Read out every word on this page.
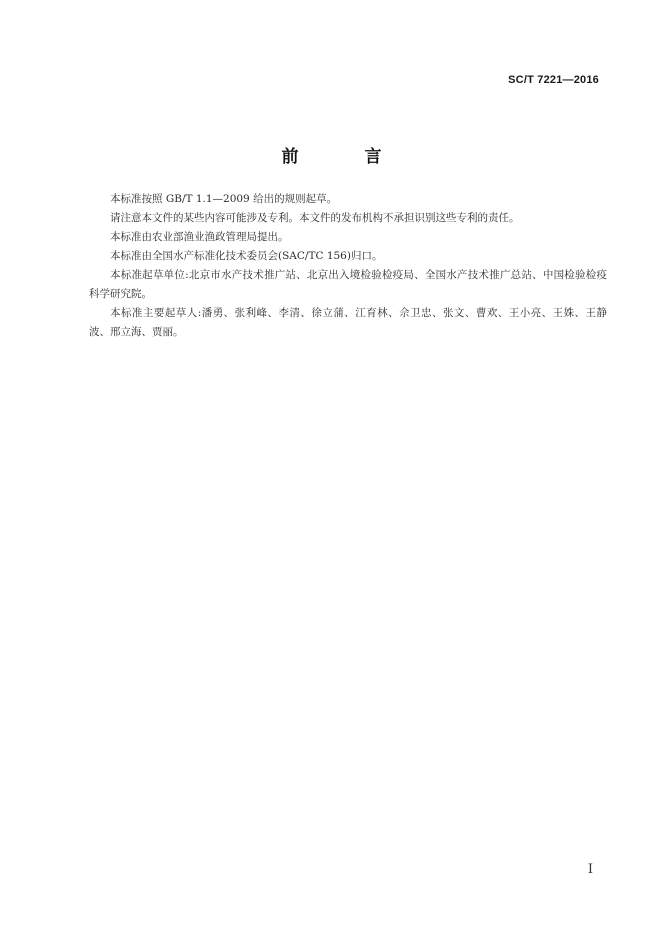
SC/T 7221—2016
前 言

本标准按照 GB/T 1.1—2009 给出的规则起草。

请注意本文件的某些内容可能涉及专利。本文件的发布机构不承担识别这些专利的责任。

本标准由农业部渔业渔政管理局提出。

本标准由全国水产标准化技术委员会(SAC/TC 156)归口。

本标准起草单位:北京市水产技术推广站、北京出入境检验检疫局、全国水产技术推广总站、中国检验检疫科学研究院。

本标准主要起草人:潘勇、张利峰、李清、徐立蒲、江育林、佘卫忠、张文、曹欢、王小亮、王姝、王静波、邢立海、贾丽。

I
